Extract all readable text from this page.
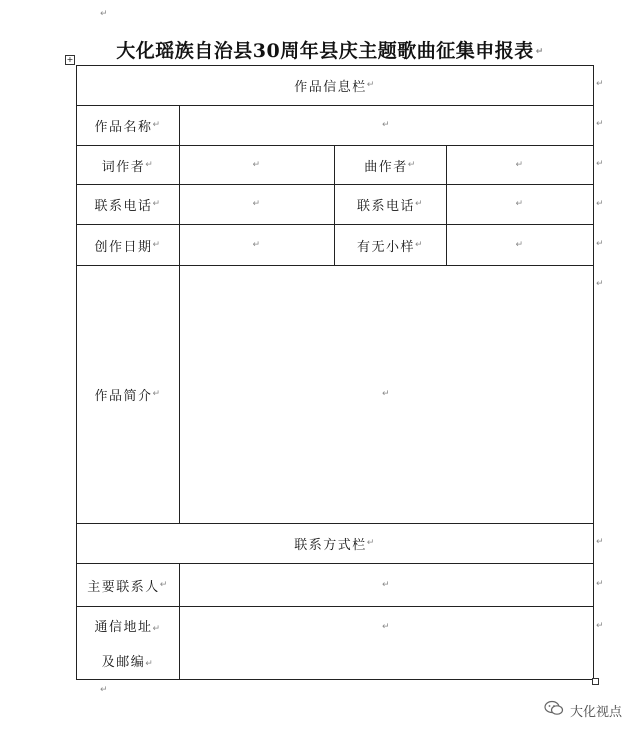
↵
+	大化瑶族自治县30周年县庆主题歌曲征集申报表 ↵
作品信息栏 ↵
作品名称 ↵	↵
词作者 ↵	↵	曲作者 ↵	↵
联系电话 ↵	↵	联系电话 ↵	↵
创作日期 ↵	↵	有无小样 ↵	↵
作品简介 ↵	↵
联系方式栏 ↵
主要联系人 ↵	↵
通信地址↵
及邮编↵
↵
↵
↵
↵
↵
↵
↵
↵
↵
↵
↵
大化视点
